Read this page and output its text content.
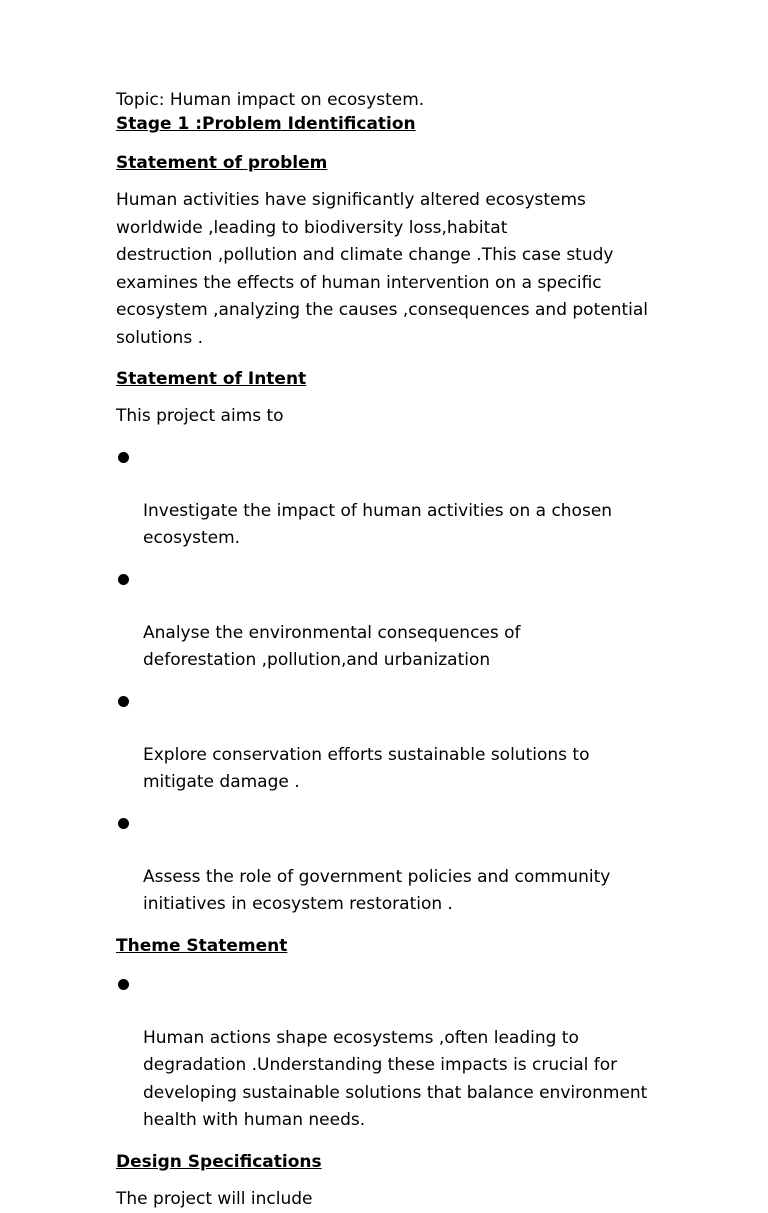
Topic: Human impact on ecosystem.

Stage 1 :Problem Identification

Statement of problem

Human activities have significantly altered ecosystems
worldwide ,leading to biodiversity loss,habitat
destruction ,pollution and climate change .This case study
examines the effects of human intervention on a specific
ecosystem ,analyzing the causes ,consequences and potential
solutions .

Statement of Intent

This project aims to

Investigate the impact of human activities on a chosen
ecosystem.

Analyse the environmental consequences of
deforestation ,pollution,and urbanization

Explore conservation efforts sustainable solutions to
mitigate damage .

Assess the role of government policies and community
initiatives in ecosystem restoration .

Theme Statement

Human actions shape ecosystems ,often leading to
degradation .Understanding these impacts is crucial for
developing sustainable solutions that balance environment
health with human needs.

Design Specifications

The project will include
